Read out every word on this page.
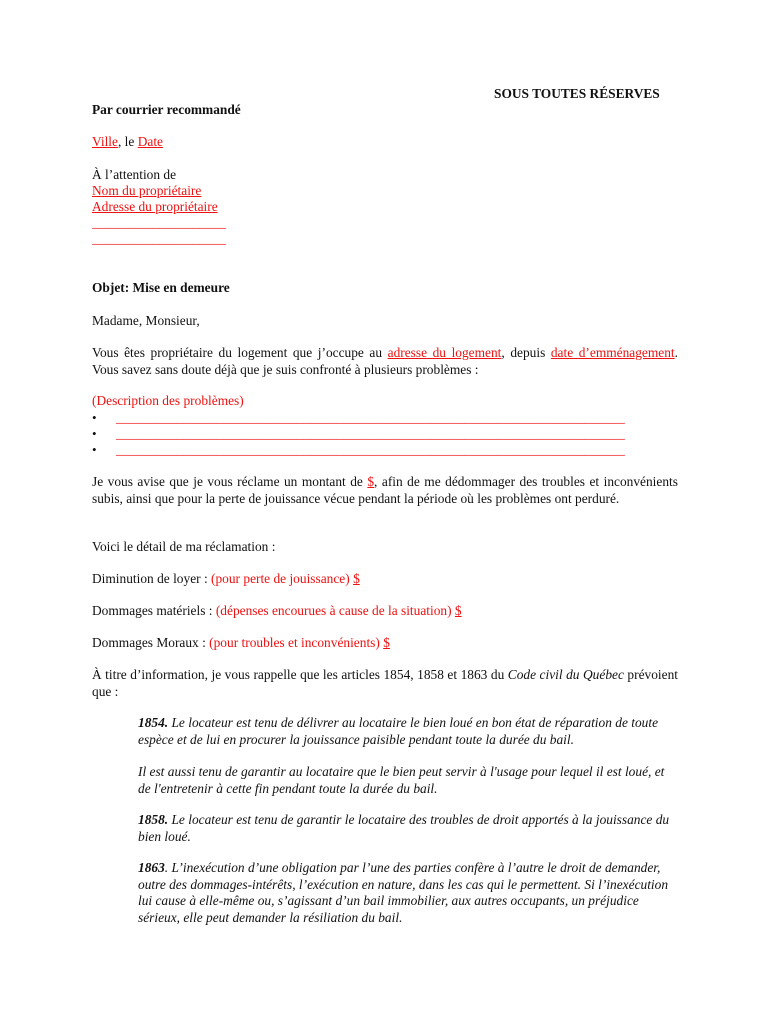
SOUS TOUTES RÉSERVES

Par courrier recommandé

Ville, le Date

À l’attention de

Nom du propriétaire

Adresse du propriétaire

____________________

____________________

Objet: Mise en demeure

Madame, Monsieur,

Vous êtes propriétaire du logement que j’occupe au adresse du logement, depuis date d’emménagement. Vous savez sans doute déjà que je suis confronté à plusieurs problèmes :

(Description des problèmes)

• ____________________________________________________________________________
• ____________________________________________________________________________
• ____________________________________________________________________________

Je vous avise que je vous réclame un montant de $, afin de me dédommager des troubles et inconvénients subis, ainsi que pour la perte de jouissance vécue pendant la période où les problèmes ont perduré.

Voici le détail de ma réclamation :

Diminution de loyer : (pour perte de jouissance) $

Dommages matériels : (dépenses encourues à cause de la situation) $

Dommages Moraux : (pour troubles et inconvénients) $

À titre d’information, je vous rappelle que les articles 1854, 1858 et 1863 du Code civil du Québec prévoient que :

1854. Le locateur est tenu de délivrer au locataire le bien loué en bon état de réparation de toute espèce et de lui en procurer la jouissance paisible pendant toute la durée du bail.

Il est aussi tenu de garantir au locataire que le bien peut servir à l'usage pour lequel il est loué, et de l'entretenir à cette fin pendant toute la durée du bail.

1858. Le locateur est tenu de garantir le locataire des troubles de droit apportés à la jouissance du bien loué.

1863. L’inexécution d’une obligation par l’une des parties confère à l’autre le droit de demander, outre des dommages-intérêts, l’exécution en nature, dans les cas qui le permettent. Si l’inexécution lui cause à elle-même ou, s’agissant d’un bail immobilier, aux autres occupants, un préjudice sérieux, elle peut demander la résiliation du bail.
